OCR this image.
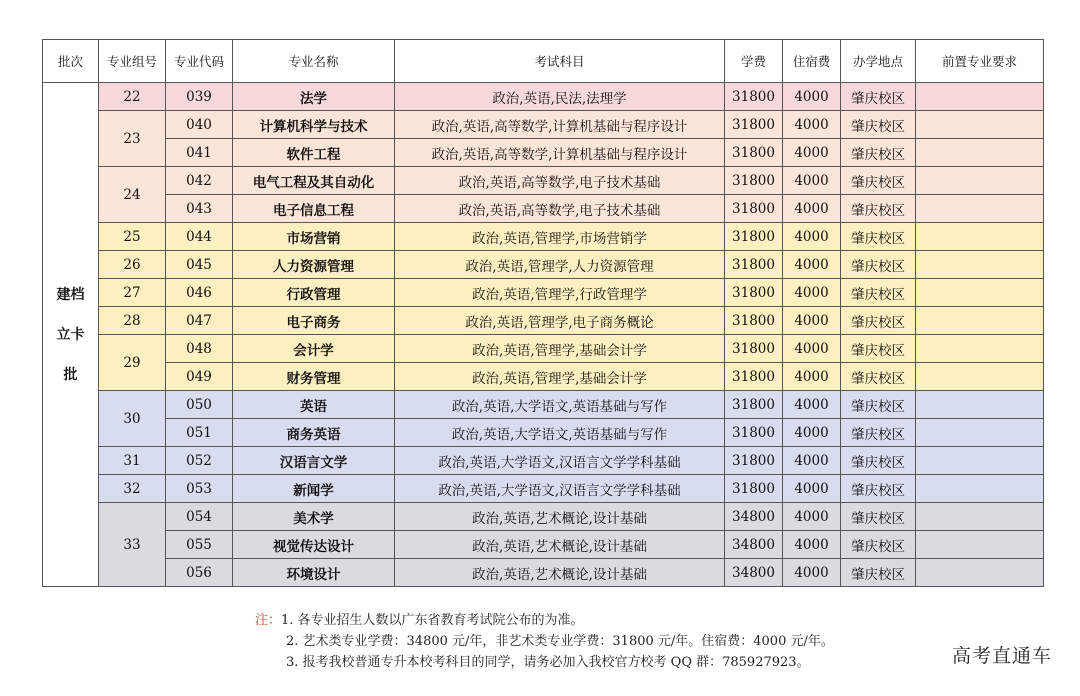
批次	专业组号	专业代码	专业名称	考试科目	学费	住宿费	办学地点	前置专业要求

建档
立卡
批	22	039	法学	政治,英语,民法,法理学	31800	4000	肇庆校区	
	23	040	计算机科学与技术	政治,英语,高等数学,计算机基础与程序设计	31800	4000	肇庆校区	
		041	软件工程	政治,英语,高等数学,计算机基础与程序设计	31800	4000	肇庆校区	
	24	042	电气工程及其自动化	政治,英语,高等数学,电子技术基础	31800	4000	肇庆校区	
		043	电子信息工程	政治,英语,高等数学,电子技术基础	31800	4000	肇庆校区	
	25	044	市场营销	政治,英语,管理学,市场营销学	31800	4000	肇庆校区	
	26	045	人力资源管理	政治,英语,管理学,人力资源管理	31800	4000	肇庆校区	
	27	046	行政管理	政治,英语,管理学,行政管理学	31800	4000	肇庆校区	
	28	047	电子商务	政治,英语,管理学,电子商务概论	31800	4000	肇庆校区	
	29	048	会计学	政治,英语,管理学,基础会计学	31800	4000	肇庆校区	
		049	财务管理	政治,英语,管理学,基础会计学	31800	4000	肇庆校区	
	30	050	英语	政治,英语,大学语文,英语基础与写作	31800	4000	肇庆校区	
		051	商务英语	政治,英语,大学语文,英语基础与写作	31800	4000	肇庆校区	
	31	052	汉语言文学	政治,英语,大学语文,汉语言文学学科基础	31800	4000	肇庆校区	
	32	053	新闻学	政治,英语,大学语文,汉语言文学学科基础	31800	4000	肇庆校区	
	33	054	美术学	政治,英语,艺术概论,设计基础	34800	4000	肇庆校区	
		055	视觉传达设计	政治,英语,艺术概论,设计基础	34800	4000	肇庆校区	
		056	环境设计	政治,英语,艺术概论,设计基础	34800	4000	肇庆校区	
注：1. 各专业招生人数以广东省教育考试院公布的为准。
2. 艺术类专业学费：34800 元/年，非艺术类专业学费：31800 元/年。住宿费：4000 元/年。
3. 报考我校普通专升本校考科目的同学，请务必加入我校官方校考 QQ 群：785927923。	高考直通车
